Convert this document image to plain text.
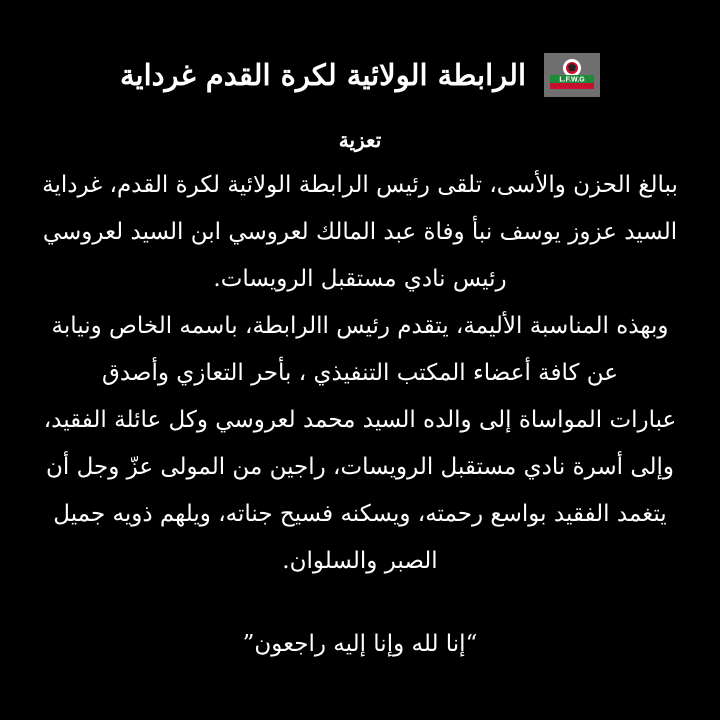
الرابطة الولائية لكرة القدم غرداية	L.F.W.G
تعزية
ببالغ الحزن والأسى، تلقى رئيس الرابطة الولائية لكرة القدم، غرداية
السيد عزوز يوسف نبأ وفاة عبد المالك لعروسي ابن السيد لعروسي
رئيس نادي مستقبل الرويسات.
وبهذه المناسبة الأليمة، يتقدم رئيس االرابطة، باسمه الخاص ونيابة
عن كافة أعضاء المكتب التنفيذي ، بأحر التعازي وأصدق
عبارات المواساة إلى والده السيد محمد لعروسي وكل عائلة الفقيد،
وإلى أسرة نادي مستقبل الرويسات، راجين من المولى عزّ وجل أن
يتغمد الفقيد بواسع رحمته، ويسكنه فسيح جناته، ويلهم ذويه جميل
الصبر والسلوان.
“إنا لله وإنا إليه راجعون”
